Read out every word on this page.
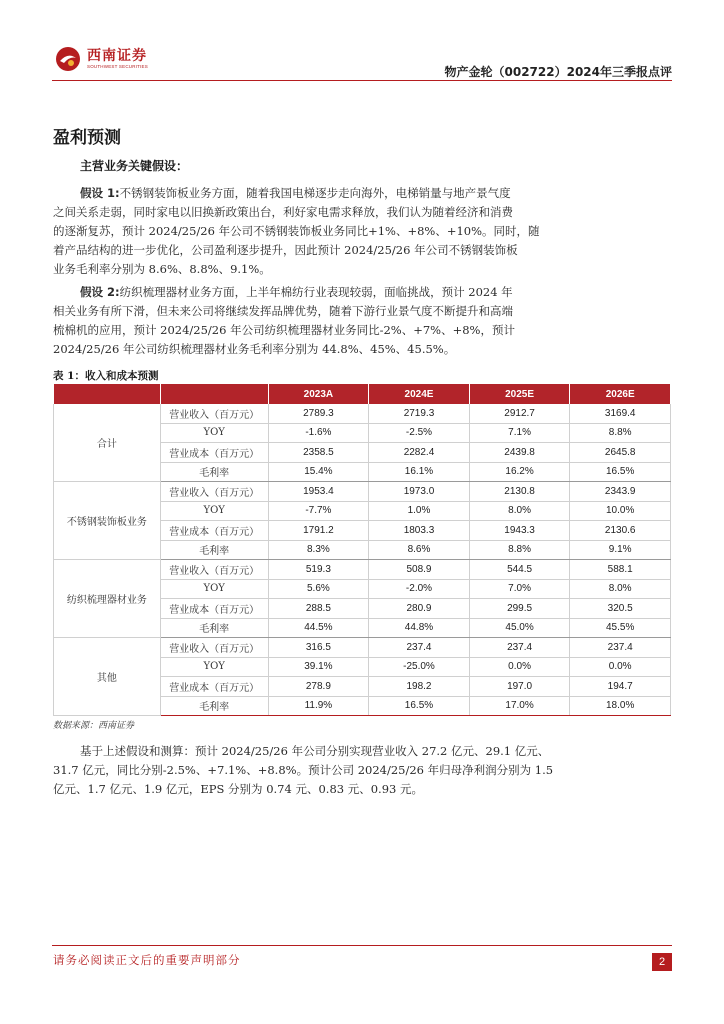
西南证券
SOUTHWEST SECURITIES	物产金轮（002722）2024年三季报点评
盈利预测
主营业务关键假设：
假设 1:不锈钢装饰板业务方面，随着我国电梯逐步走向海外，电梯销量与地产景气度
之间关系走弱，同时家电以旧换新政策出台，利好家电需求释放，我们认为随着经济和消费
的逐渐复苏，预计 2024/25/26 年公司不锈钢装饰板业务同比+1%、+8%、+10%。同时，随
着产品结构的进一步优化，公司盈利逐步提升，因此预计 2024/25/26 年公司不锈钢装饰板
业务毛利率分别为 8.6%、8.8%、9.1%。
假设 2:纺织梳理器材业务方面，上半年棉纺行业表现较弱，面临挑战，预计 2024 年
相关业务有所下滑，但未来公司将继续发挥品牌优势，随着下游行业景气度不断提升和高端
梳棉机的应用，预计 2024/25/26 年公司纺织梳理器材业务同比-2%、+7%、+8%，预计
2024/25/26 年公司纺织梳理器材业务毛利率分别为 44.8%、45%、45.5%。
表 1：收入和成本预测
		2023A	2024E	2025E	2026E
合计	营业收入（百万元）	2789.3	2719.3	2912.7	3169.4
	YOY	-1.6%	-2.5%	7.1%	8.8%
	营业成本（百万元）	2358.5	2282.4	2439.8	2645.8
	毛利率	15.4%	16.1%	16.2%	16.5%
不锈钢装饰板业务	营业收入（百万元）	1953.4	1973.0	2130.8	2343.9
	YOY	-7.7%	1.0%	8.0%	10.0%
	营业成本（百万元）	1791.2	1803.3	1943.3	2130.6
	毛利率	8.3%	8.6%	8.8%	9.1%
纺织梳理器材业务	营业收入（百万元）	519.3	508.9	544.5	588.1
	YOY	5.6%	-2.0%	7.0%	8.0%
	营业成本（百万元）	288.5	280.9	299.5	320.5
	毛利率	44.5%	44.8%	45.0%	45.5%
其他	营业收入（百万元）	316.5	237.4	237.4	237.4
	YOY	39.1%	-25.0%	0.0%	0.0%
	营业成本（百万元）	278.9	198.2	197.0	194.7
	毛利率	11.9%	16.5%	17.0%	18.0%
数据来源：西南证券
基于上述假设和测算：预计 2024/25/26 年公司分别实现营业收入 27.2 亿元、29.1 亿元、
31.7 亿元，同比分别-2.5%、+7.1%、+8.8%。预计公司 2024/25/26 年归母净利润分别为 1.5
亿元、1.7 亿元、1.9 亿元，EPS 分别为 0.74 元、0.83 元、0.93 元。
请务必阅读正文后的重要声明部分	2
